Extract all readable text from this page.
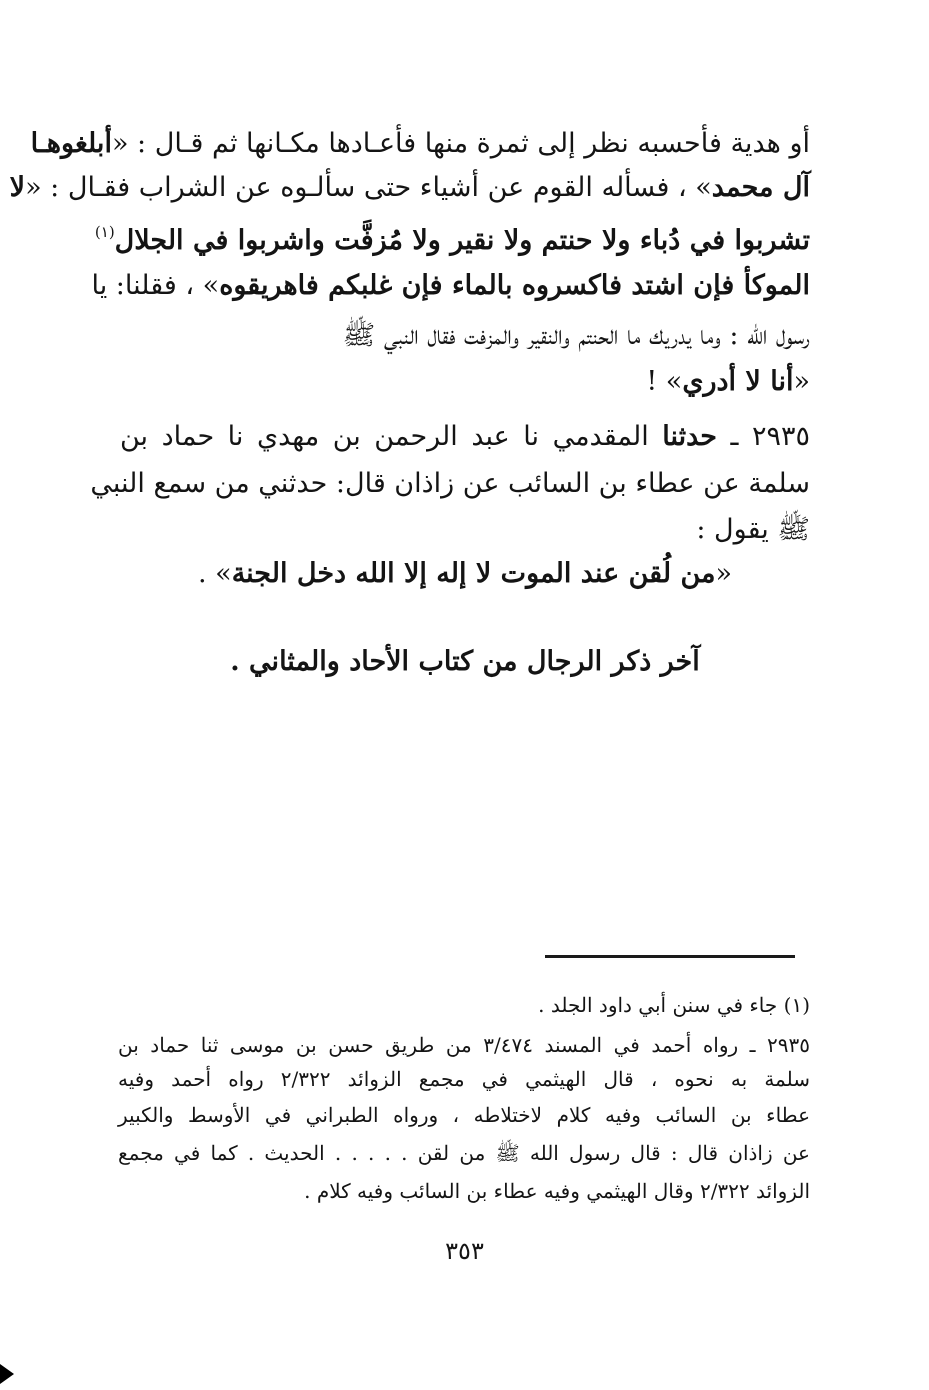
أو هدية فأحسبه نظر إلى ثمرة منها فأعـادها مكـانها ثم قـال : «أبلغوهـا
آل محمد» ، فسأله القوم عن أشياء حتى سألـوه عن الشراب فقـال : «لا
تشربوا في دُباء ولا حنتم ولا نقير ولا مُزفَّت واشربوا في الجلال$^{(١)}$
الموكأ فإن اشتد فاكسروه بالماء فإن غلبكم فاهريقوه» ، فقلنا: يا
رسول الله : وما يدريك ما الحنتم والنقير والمزفت فقال النبي ﷺ
«أنا لا أدري» !
٢٩٣٥ ـ حدثنا المقدمي نا عبد الرحمن بن مهدي نا حماد بن
سلمة عن عطاء بن السائب عن زاذان قال: حدثني من سمع النبي
ﷺ يقول :
«من لُقن عند الموت لا إله إلا الله دخل الجنة» .
آخر ذكر الرجال من كتاب الأحاد والمثاني .
(١) جاء في سنن أبي داود الجلد .
٢٩٣٥ ـ رواه أحمد في المسند ٣/٤٧٤ من طريق حسن بن موسى ثنا حماد بن
سلمة به نحوه ، قال الهيثمي في مجمع الزوائد ٢/٣٢٢ رواه أحمد وفيه
عطاء بن السائب وفيه كلام لاختلاطه ، ورواه الطبراني في الأوسط والكبير
عن زاذان قال : قال رسول الله ﷺ من لقن . . . . . الحديث . كما في مجمع
الزوائد ٢/٣٢٢ وقال الهيثمي وفيه عطاء بن السائب وفيه كلام .
٣٥٣
